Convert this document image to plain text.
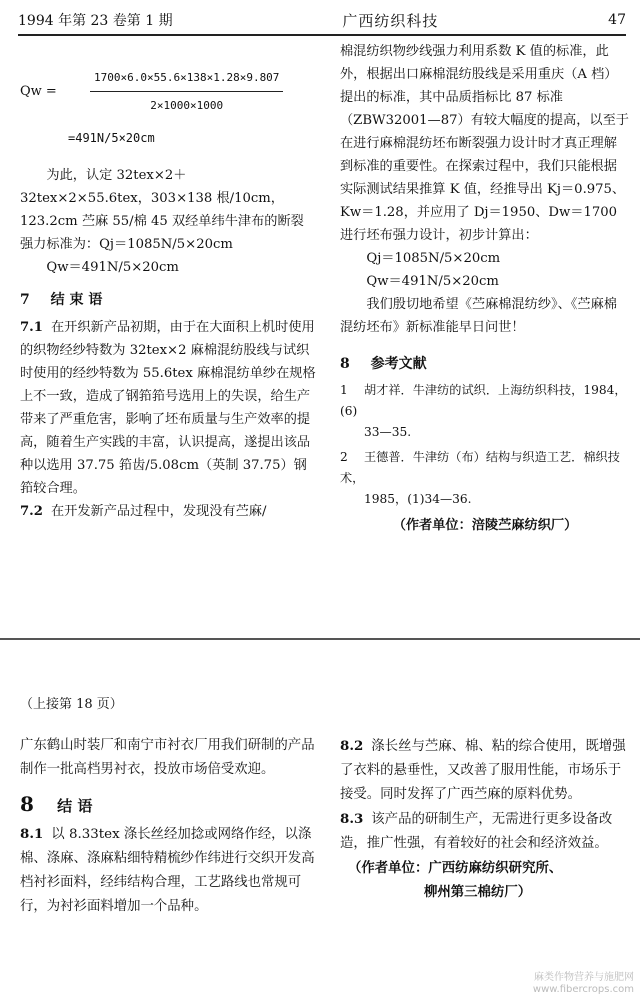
1994 年第 23 卷第 1 期	广西纺织科技	47
Qw =	$\frac{1700\times 6.0\times 55.6\times 138\times 1.28\times 9.807}{2\times 1000\times 1000}$
=491N/5×20cm

为此，认定 32tex×2＋32tex×2×55.6tex，303×138 根/10cm，123.2cm 苎麻 55/棉 45 双经单纬牛津布的断裂强力标准为：Qj＝1085N/5×20cm

Qw＝491N/5×20cm

7 结 束 语

7.1 在开织新产品初期，由于在大面积上机时使用的织物经纱特数为 32tex×2 麻棉混纺股线与试织时使用的经纱特数为 55.6tex 麻棉混纺单纱在规格上不一致，造成了钢筘筘号选用上的失误，给生产带来了严重危害，影响了坯布质量与生产效率的提高，随着生产实践的丰富，认识提高，遂提出该品种以选用 37.75 筘齿/5.08cm（英制 37.75）钢筘较合理。

7.2 在开发新产品过程中，发现没有苎麻/

棉混纺织物纱线强力利用系数 K 值的标准，此外，根据出口麻棉混纺股线是采用重庆（A 档）提出的标准，其中品质指标比 87 标准（ZBW32001—87）有较大幅度的提高，以至于在进行麻棉混纺坯布断裂强力设计时才真正理解到标准的重要性。在探索过程中，我们只能根据实际测试结果推算 K 值，经推导出 Kj＝0.975、Kw＝1.28，并应用了 Dj＝1950、Dw＝1700 进行坯布强力设计，初步计算出：

Qj＝1085N/5×20cm

Qw＝491N/5×20cm

我们殷切地希望《苎麻棉混纺纱》、《苎麻棉混纺坯布》新标准能早日问世！

8 参考文献
1 胡才祥．牛津纺的试织．上海纺织科技，1984，(6)
33—35.
2 王德普．牛津纺（布）结构与织造工艺．棉织技术，
1985，(1)34—36.
（作者单位：涪陵苎麻纺织厂）
（上接第 18 页）

广东鹤山时装厂和南宁市衬衣厂用我们研制的产品制作一批高档男衬衣，投放市场倍受欢迎。

8 结 语

8.1 以 8.33tex 涤长丝经加捻或网络作经，以涤棉、涤麻、涤麻粘细特精梳纱作纬进行交织开发高档衬衫面料，经纬结构合理，工艺路线也常规可行，为衬衫面料增加一个品种。

8.2 涤长丝与苎麻、棉、粘的综合使用，既增强了衣料的悬垂性，又改善了服用性能，市场乐于接受。同时发挥了广西苎麻的原料优势。

8.3 该产品的研制生产，无需进行更多设备改造，推广性强，有着较好的社会和经济效益。

（作者单位：广西纺麻纺织研究所、
柳州第三棉纺厂）
麻类作物营养与施肥网
www.fibercrops.com
